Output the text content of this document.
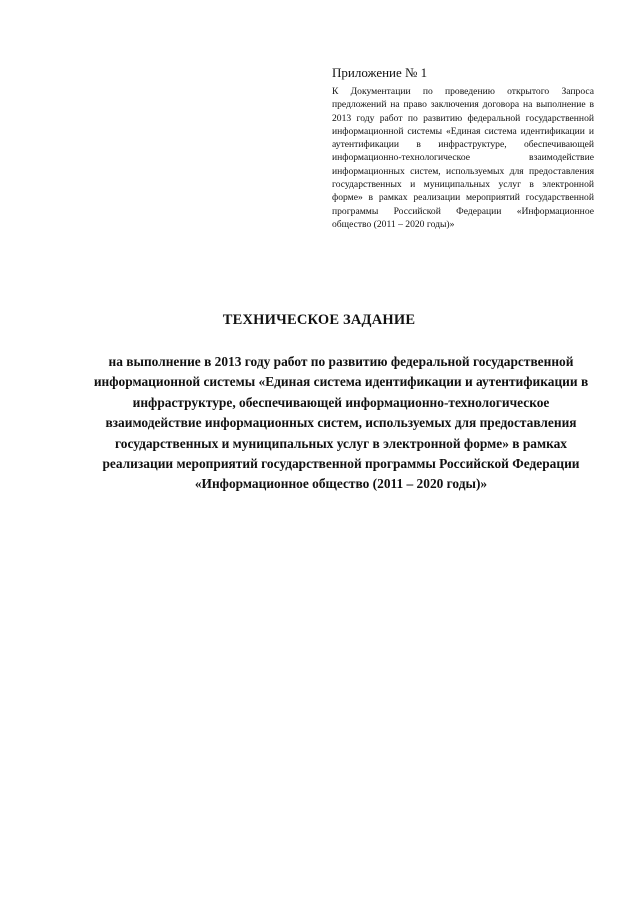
Приложение № 1

К Документации по проведению открытого Запроса предложений на право заключения договора на выполнение в 2013 году работ по развитию федеральной государственной информационной системы «Единая система идентификации и аутентификации в инфраструктуре, обеспечивающей информационно-технологическое взаимодействие информационных систем, используемых для предоставления государственных и муниципальных услуг в электронной форме» в рамках реализации мероприятий государственной программы Российской Федерации «Информационное общество (2011 – 2020 годы)»

ТЕХНИЧЕСКОЕ ЗАДАНИЕ

на выполнение в 2013 году работ по развитию федеральной государственной информационной системы «Единая система идентификации и аутентификации в инфраструктуре, обеспечивающей информационно-технологическое взаимодействие информационных систем, используемых для предоставления государственных и муниципальных услуг в электронной форме» в рамках реализации мероприятий государственной программы Российской Федерации «Информационное общество (2011 – 2020 годы)»
